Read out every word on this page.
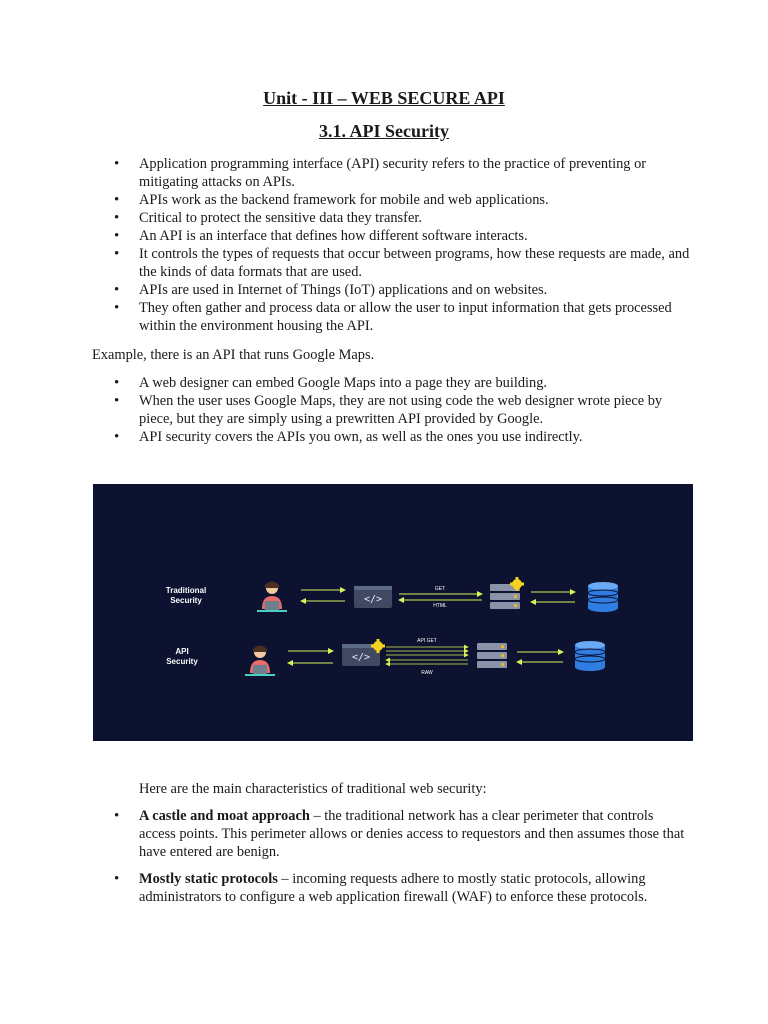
Unit - III – WEB SECURE API
3.1. API Security
• Application programming interface (API) security refers to the practice of preventing or mitigating attacks on APIs.
• APIs work as the backend framework for mobile and web applications.
• Critical to protect the sensitive data they transfer.
• An API is an interface that defines how different software interacts.
• It controls the types of requests that occur between programs, how these requests are made, and the kinds of data formats that are used.
• APIs are used in Internet of Things (IoT) applications and on websites.
• They often gather and process data or allow the user to input information that gets processed within the environment housing the API.
Example, there is an API that runs Google Maps.
• A web designer can embed Google Maps into a page they are building.
• When the user uses Google Maps, they are not using code the web designer wrote piece by piece, but they are simply using a prewritten API provided by Google.
• API security covers the APIs you own, as well as the ones you use indirectly.
</>
Traditional
Security
GET
HTML
API
Security
API GET
RAW
Here are the main characteristics of traditional web security:
• A castle and moat approach – the traditional network has a clear perimeter that controls access points. This perimeter allows or denies access to requestors and then assumes those that have entered are benign.
• Mostly static protocols – incoming requests adhere to mostly static protocols, allowing administrators to configure a web application firewall (WAF) to enforce these protocols.
